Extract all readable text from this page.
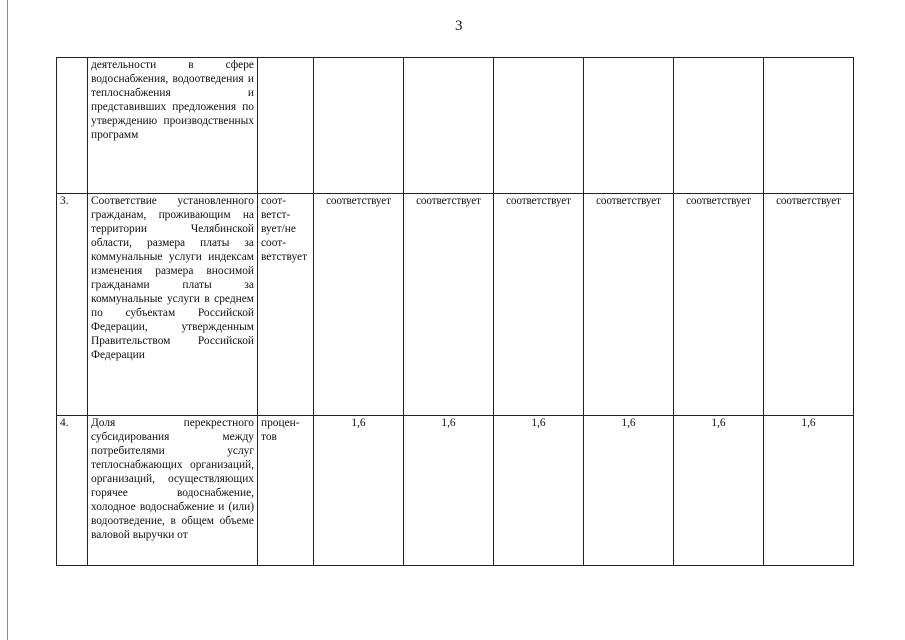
3
	деятельности в сфере водоснабжения, водоотведения и теплоснабжения и представивших предложения по утверждению производственных программ							
3.	Соответствие установленного гражданам, проживающим на территории Челябинской области, размера платы за коммунальные услуги индексам изменения размера вносимой гражданами платы за коммунальные услуги в среднем по субъектам Российской Федерации, утвержденным Правительством Российской Федерации	соответствует/не соответствует	соответствует	соответствует	соответствует	соответствует	соответствует	соответствует
4.	Доля перекрестного субсидирования между потребителями услуг теплоснабжающих организаций, организаций, осуществляющих горячее водоснабжение, холодное водоснабжение и (или) водоотведение, в общем объеме валовой выручки от	процентов	1,6	1,6	1,6	1,6	1,6	1,6
